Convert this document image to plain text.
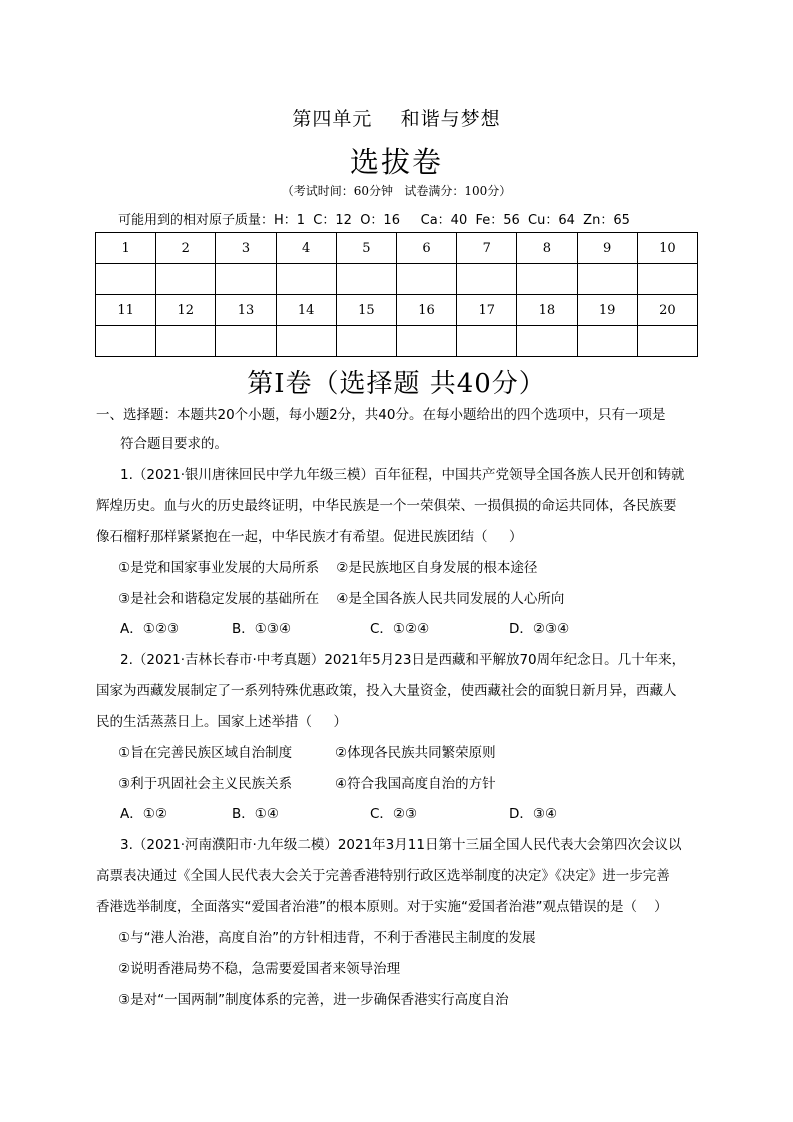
第四单元    和谐与梦想
选拔卷
（考试时间：60分钟   试卷满分：100分）
可能用到的相对原子质量：H：1  C：12  O：16     Ca：40  Fe：56  Cu：64  Zn：65
1	2	3	4	5	6	7	8	9	10

11	12	13	14	15	16	17	18	19	20

第Ⅰ卷（选择题 共40分）
一、选择题：本题共20个小题，每小题2分，共40分。在每小题给出的四个选项中，只有一项是
符合题目要求的。
1.（2021·银川唐徕回民中学九年级三模）百年征程，中国共产党领导全国各族人民开创和铸就
辉煌历史。血与火的历史最终证明，中华民族是一个一荣俱荣、一损俱损的命运共同体，各民族要
像石榴籽那样紧紧抱在一起，中华民族才有希望。促进民族团结（     ）
①是党和国家事业发展的大局所系    ②是民族地区自身发展的根本途径
③是社会和谐稳定发展的基础所在    ④是全国各族人民共同发展的人心所向
A．①②③	B．①③④	C．①②④	D．②③④
2.（2021·吉林长春市·中考真题）2021年5月23日是西藏和平解放70周年纪念日。几十年来，
国家为西藏发展制定了一系列特殊优惠政策，投入大量资金，使西藏社会的面貌日新月异，西藏人
民的生活蒸蒸日上。国家上述举措（     ）
①旨在完善民族区域自治制度          ②体现各民族共同繁荣原则
③利于巩固社会主义民族关系          ④符合我国高度自治的方针
A．①②	B．①④	C．②③	D．③④
3.（2021·河南濮阳市·九年级二模）2021年3月11日第十三届全国人民代表大会第四次会议以
高票表决通过《全国人民代表大会关于完善香港特别行政区选举制度的决定》《决定》进一步完善
香港选举制度，全面落实“爱国者治港”的根本原则。对于实施“爱国者治港”观点错误的是（    ）
①与“港人治港，高度自治”的方针相违背，不利于香港民主制度的发展
②说明香港局势不稳，急需要爱国者来领导治理
③是对“一国两制”制度体系的完善，进一步确保香港实行高度自治
